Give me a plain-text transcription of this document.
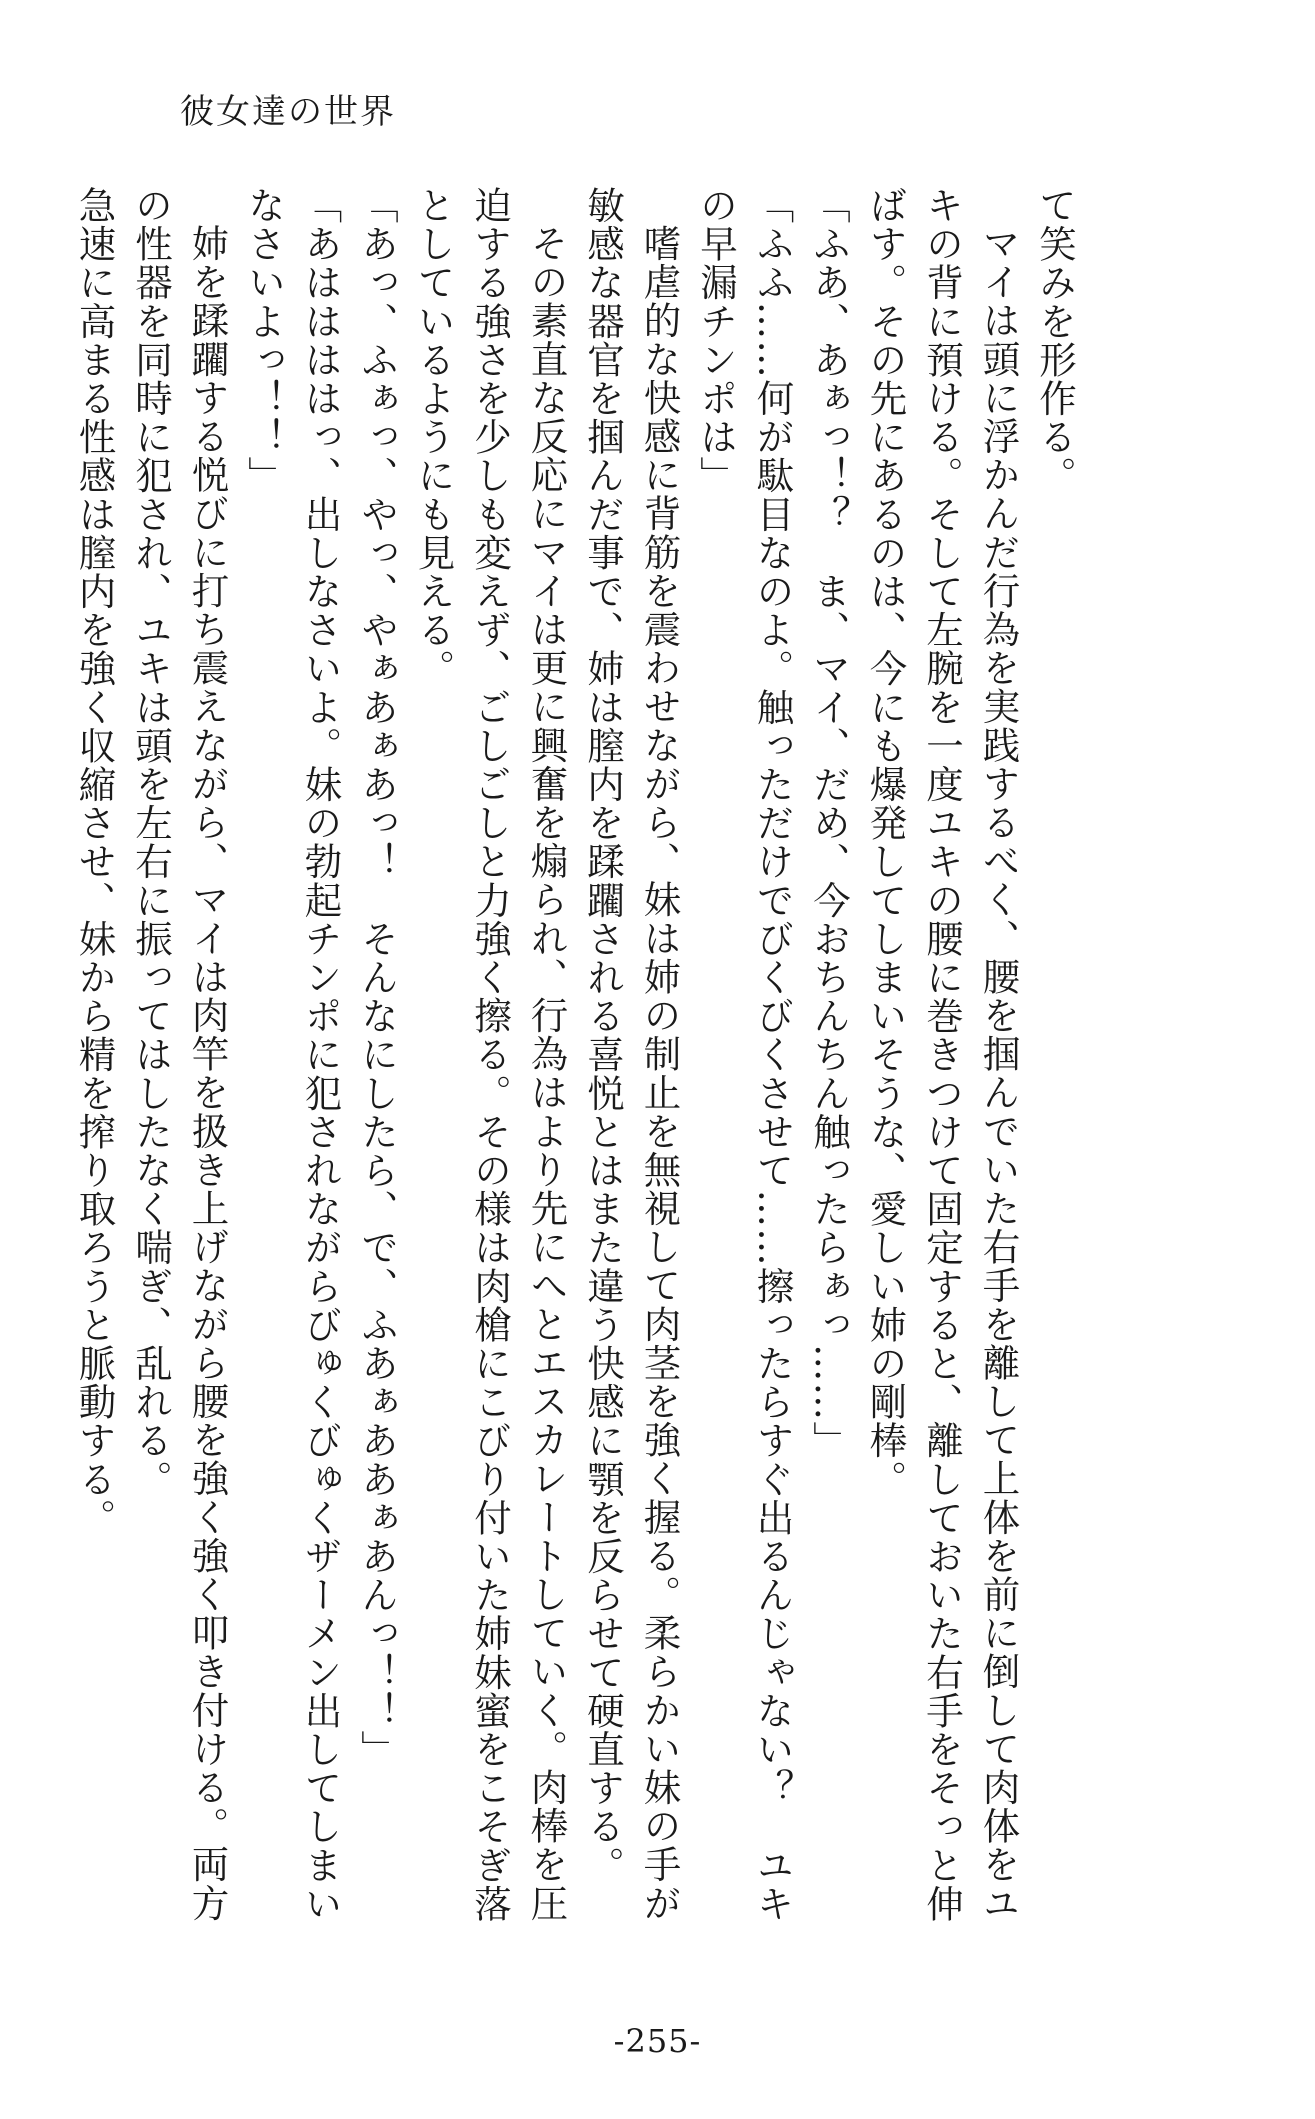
彼女達の世界

て笑みを形作る。

マイは頭に浮かんだ行為を実践するべく、腰を掴んでいた右手を離して上体を前に倒して肉体をユキの背に預ける。そして左腕を一度ユキの腰に巻きつけて固定すると、離しておいた右手をそっと伸ばす。その先にあるのは、今にも爆発してしまいそうな、愛しい姉の剛棒。

「ふあ、あぁっ！？　ま、マイ、だめ、今おちんちん触ったらぁっ……」

「ふふ……何が駄目なのよ。触っただけでびくびくさせて……擦ったらすぐ出るんじゃない？　ユキの早漏チンポは」

嗜虐的な快感に背筋を震わせながら、妹は姉の制止を無視して肉茎を強く握る。柔らかい妹の手が敏感な器官を掴んだ事で、姉は膣内を蹂躙される喜悦とはまた違う快感に顎を反らせて硬直する。

その素直な反応にマイは更に興奮を煽られ、行為はより先にへとエスカレートしていく。肉棒を圧迫する強さを少しも変えず、ごしごしと力強く擦る。その様は肉槍にこびり付いた姉妹蜜をこそぎ落としているようにも見える。

「あっ、ふぁっ、やっ、やぁあぁあっ！　そんなにしたら、で、ふあぁああぁあんっ！！」

「あははははっ、出しなさいよ。妹の勃起チンポに犯されながらびゅくびゅくザーメン出してしまいなさいよっ！！」

姉を蹂躙する悦びに打ち震えながら、マイは肉竿を扱き上げながら腰を強く強く叩き付ける。両方の性器を同時に犯され、ユキは頭を左右に振ってはしたなく喘ぎ、乱れる。

急速に高まる性感は膣内を強く収縮させ、妹から精を搾り取ろうと脈動する。

-255-
